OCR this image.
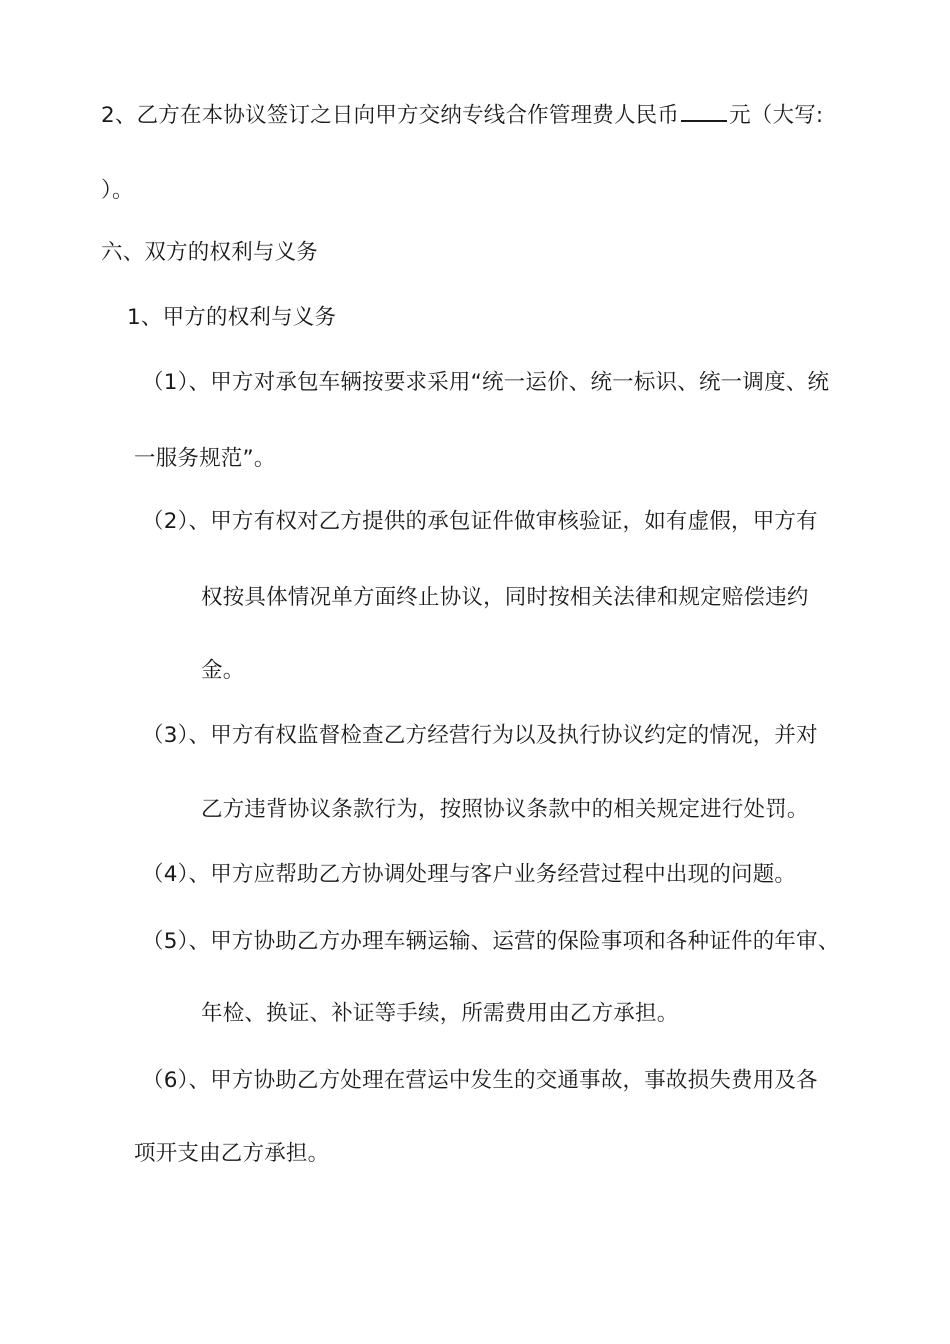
2、乙方在本协议签订之日向甲方交纳专线合作管理费人民币 元（大写:
）。
六、双方的权利与义务
1、甲方的权利与义务
（1）、甲方对承包车辆按要求采用“统一运价、统一标识、统一调度、统
一服务规范”。
（2）、甲方有权对乙方提供的承包证件做审核验证，如有虚假，甲方有
权按具体情况单方面终止协议，同时按相关法律和规定赔偿违约
金。
（3）、甲方有权监督检查乙方经营行为以及执行协议约定的情况，并对
乙方违背协议条款行为，按照协议条款中的相关规定进行处罚。
（4）、甲方应帮助乙方协调处理与客户业务经营过程中出现的问题。
（5）、甲方协助乙方办理车辆运输、运营的保险事项和各种证件的年审、
年检、换证、补证等手续，所需费用由乙方承担。
（6）、甲方协助乙方处理在营运中发生的交通事故，事故损失费用及各
项开支由乙方承担。
